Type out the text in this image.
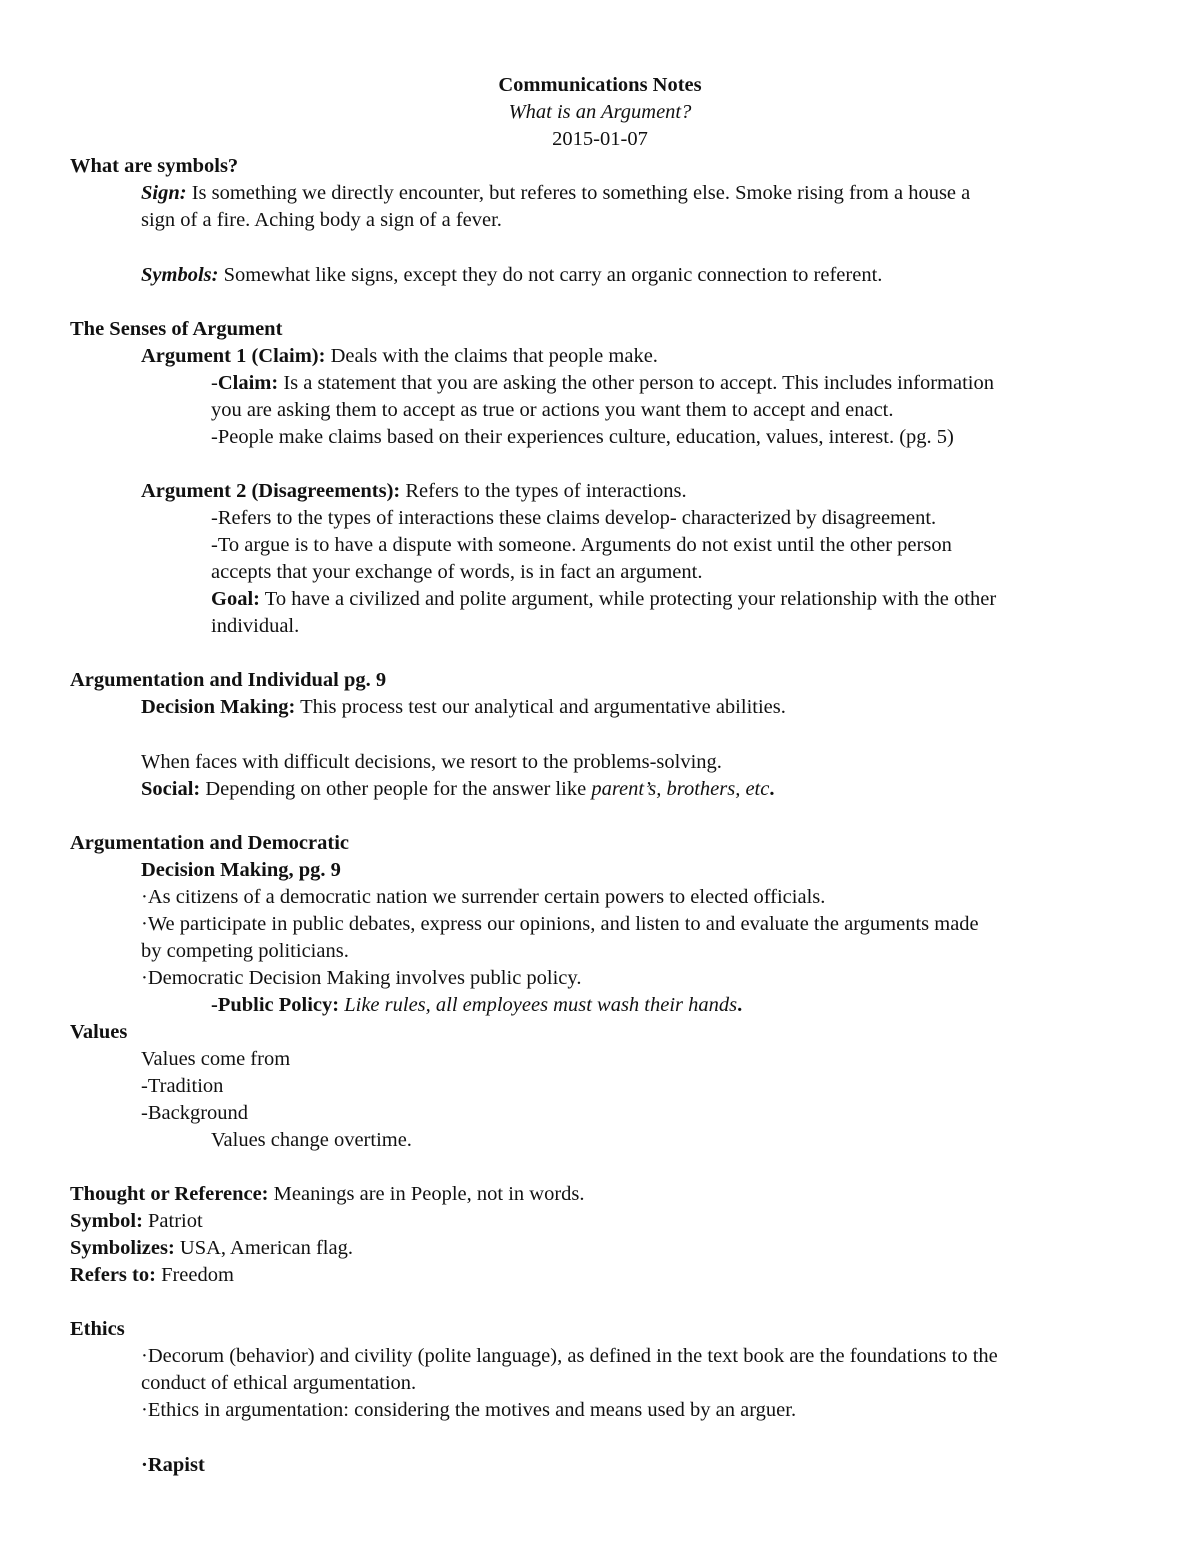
Communications Notes
What is an Argument?
2015-01-07
What are symbols?
Sign: Is something we directly encounter, but referes to something else. Smoke rising from a house a
sign of a fire. Aching body a sign of a fever.
Symbols: Somewhat like signs, except they do not carry an organic connection to referent.
The Senses of Argument
Argument 1 (Claim): Deals with the claims that people make.
-Claim: Is a statement that you are asking the other person to accept. This includes information
you are asking them to accept as true or actions you want them to accept and enact.
-People make claims based on their experiences culture, education, values, interest. (pg. 5)
Argument 2 (Disagreements): Refers to the types of interactions.
-Refers to the types of interactions these claims develop- characterized by disagreement.
-To argue is to have a dispute with someone. Arguments do not exist until the other person
accepts that your exchange of words, is in fact an argument.
Goal: To have a civilized and polite argument, while protecting your relationship with the other
individual.
Argumentation and Individual pg. 9
Decision Making: This process test our analytical and argumentative abilities.
When faces with difficult decisions, we resort to the problems-solving.
Social: Depending on other people for the answer like parent’s, brothers, etc.
Argumentation and Democratic
Decision Making, pg. 9
·As citizens of a democratic nation we surrender certain powers to elected officials.
·We participate in public debates, express our opinions, and listen to and evaluate the arguments made
by competing politicians.
·Democratic Decision Making involves public policy.
-Public Policy: Like rules, all employees must wash their hands.
Values
Values come from
-Tradition
-Background
Values change overtime.
Thought or Reference: Meanings are in People, not in words.
Symbol: Patriot
Symbolizes: USA, American flag.
Refers to: Freedom
Ethics
·Decorum (behavior) and civility (polite language), as defined in the text book are the foundations to the
conduct of ethical argumentation.
·Ethics in argumentation: considering the motives and means used by an arguer.
·Rapist
